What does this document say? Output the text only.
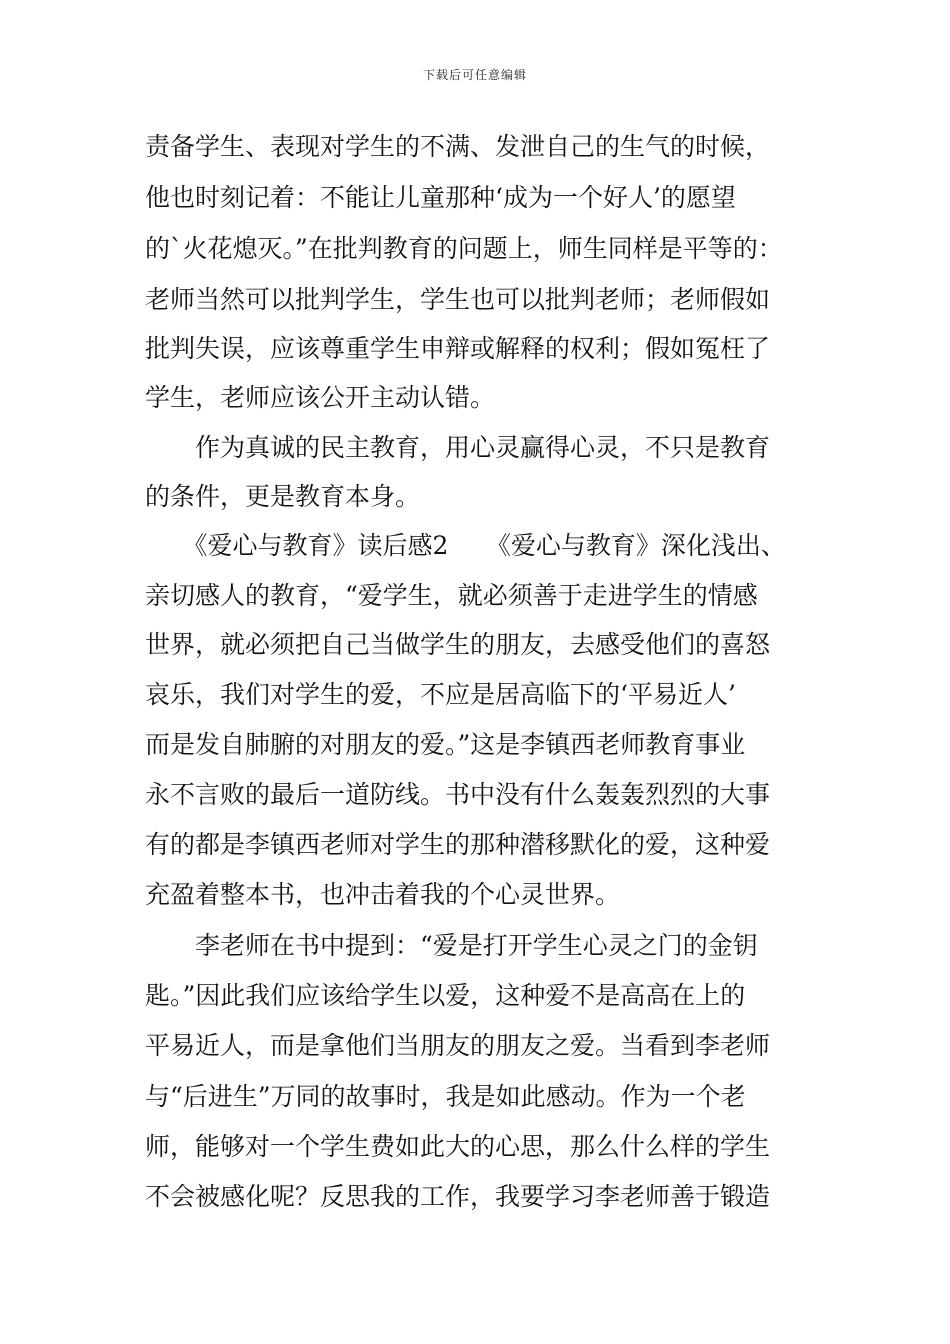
下载后可任意编辑
责备学生、表现对学生的不满、发泄自己的生气的时候，
他也时刻记着：不能让儿童那种‘成为一个好人’的愿望
的`火花熄灭。”在批判教育的问题上，师生同样是平等的：
老师当然可以批判学生，学生也可以批判老师；老师假如
批判失误，应该尊重学生申辩或解释的权利；假如冤枉了
学生，老师应该公开主动认错。
　　作为真诚的民主教育，用心灵赢得心灵，不只是教育
的条件，更是教育本身。
　　《爱心与教育》读后感2　　《爱心与教育》深化浅出、
亲切感人的教育，“爱学生，就必须善于走进学生的情感
世界，就必须把自己当做学生的朋友，去感受他们的喜怒
哀乐，我们对学生的爱，不应是居高临下的‘平易近人’
而是发自肺腑的对朋友的爱。”这是李镇西老师教育事业
永不言败的最后一道防线。书中没有什么轰轰烈烈的大事
有的都是李镇西老师对学生的那种潜移默化的爱，这种爱
充盈着整本书，也冲击着我的个心灵世界。
　　李老师在书中提到：“爱是打开学生心灵之门的金钥
匙。”因此我们应该给学生以爱，这种爱不是高高在上的
平易近人，而是拿他们当朋友的朋友之爱。当看到李老师
与“后进生”万同的故事时，我是如此感动。作为一个老
师，能够对一个学生费如此大的心思，那么什么样的学生
不会被感化呢？反思我的工作，我要学习李老师善于锻造
